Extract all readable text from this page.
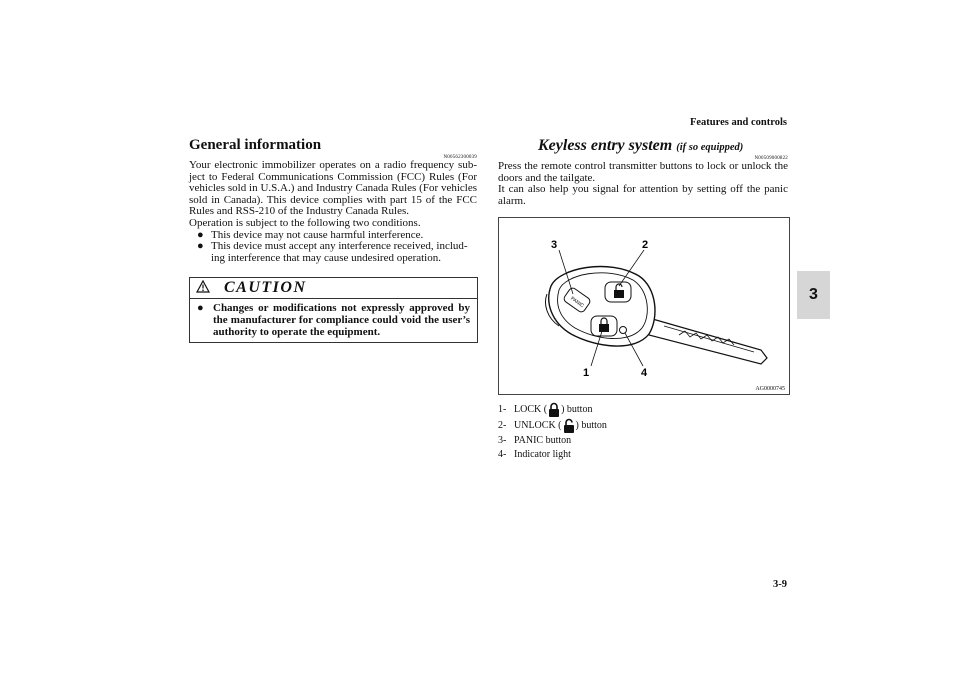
Features and controls
3
3-9
General information
N00562300039

Your electronic immobilizer operates on a radio frequency sub-ject to Federal Communications Commission (FCC) Rules (For vehicles sold in U.S.A.) and Industry Canada Rules (For vehicles sold in Canada). This device complies with part 15 of the FCC Rules and RSS-210 of the Industry Canada Rules.

Operation is subject to the following two conditions.

● This device may not cause harmful interference.
● This device must accept any interference received, includ-ing interference that may cause undesired operation.
CAUTION
● Changes or modifications not expressly approved by the manufacturer for compliance could void the user’s authority to operate the equipment.
Keyless entry system (if so equipped)
N00509000822

Press the remote control transmitter buttons to lock or unlock the doors and the tailgate.

It can also help you signal for attention by setting off the panic alarm.

PANIC
3	2
1	4
AG0000745
1- LOCK ( ) button
2- UNLOCK ( ) button
3- PANIC button
4- Indicator light
